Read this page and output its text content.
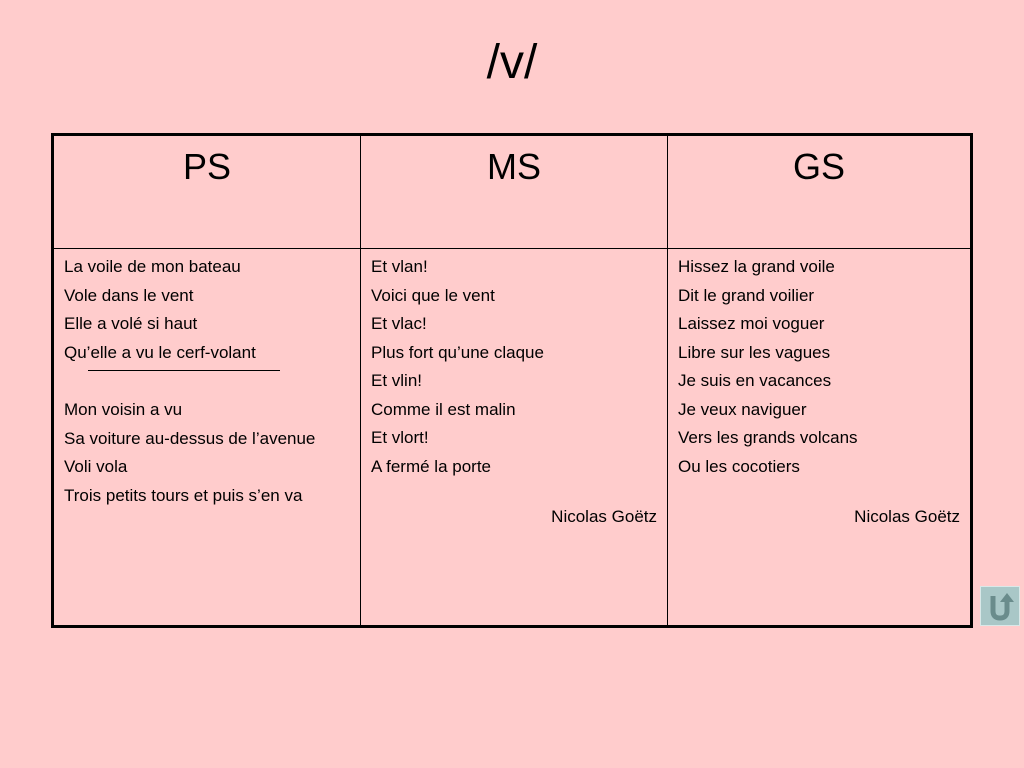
/v/
PS	MS	GS

La voile de mon bateau

Vole dans le vent

Elle a volé si haut

Qu’elle a vu le cerf-volant

Mon voisin a vu

Sa voiture au-dessus de l’avenue

Voli vola

Trois petits tours et puis s’en va

Et vlan!

Voici que le vent

Et vlac!

Plus fort qu’une claque

Et vlin!

Comme il est malin

Et vlort!

A fermé la porte

Nicolas Goëtz

Hissez la grand voile

Dit le grand voilier

Laissez moi voguer

Libre sur les vagues

Je suis en vacances

Je veux naviguer

Vers les grands volcans

Ou les cocotiers

Nicolas Goëtz
